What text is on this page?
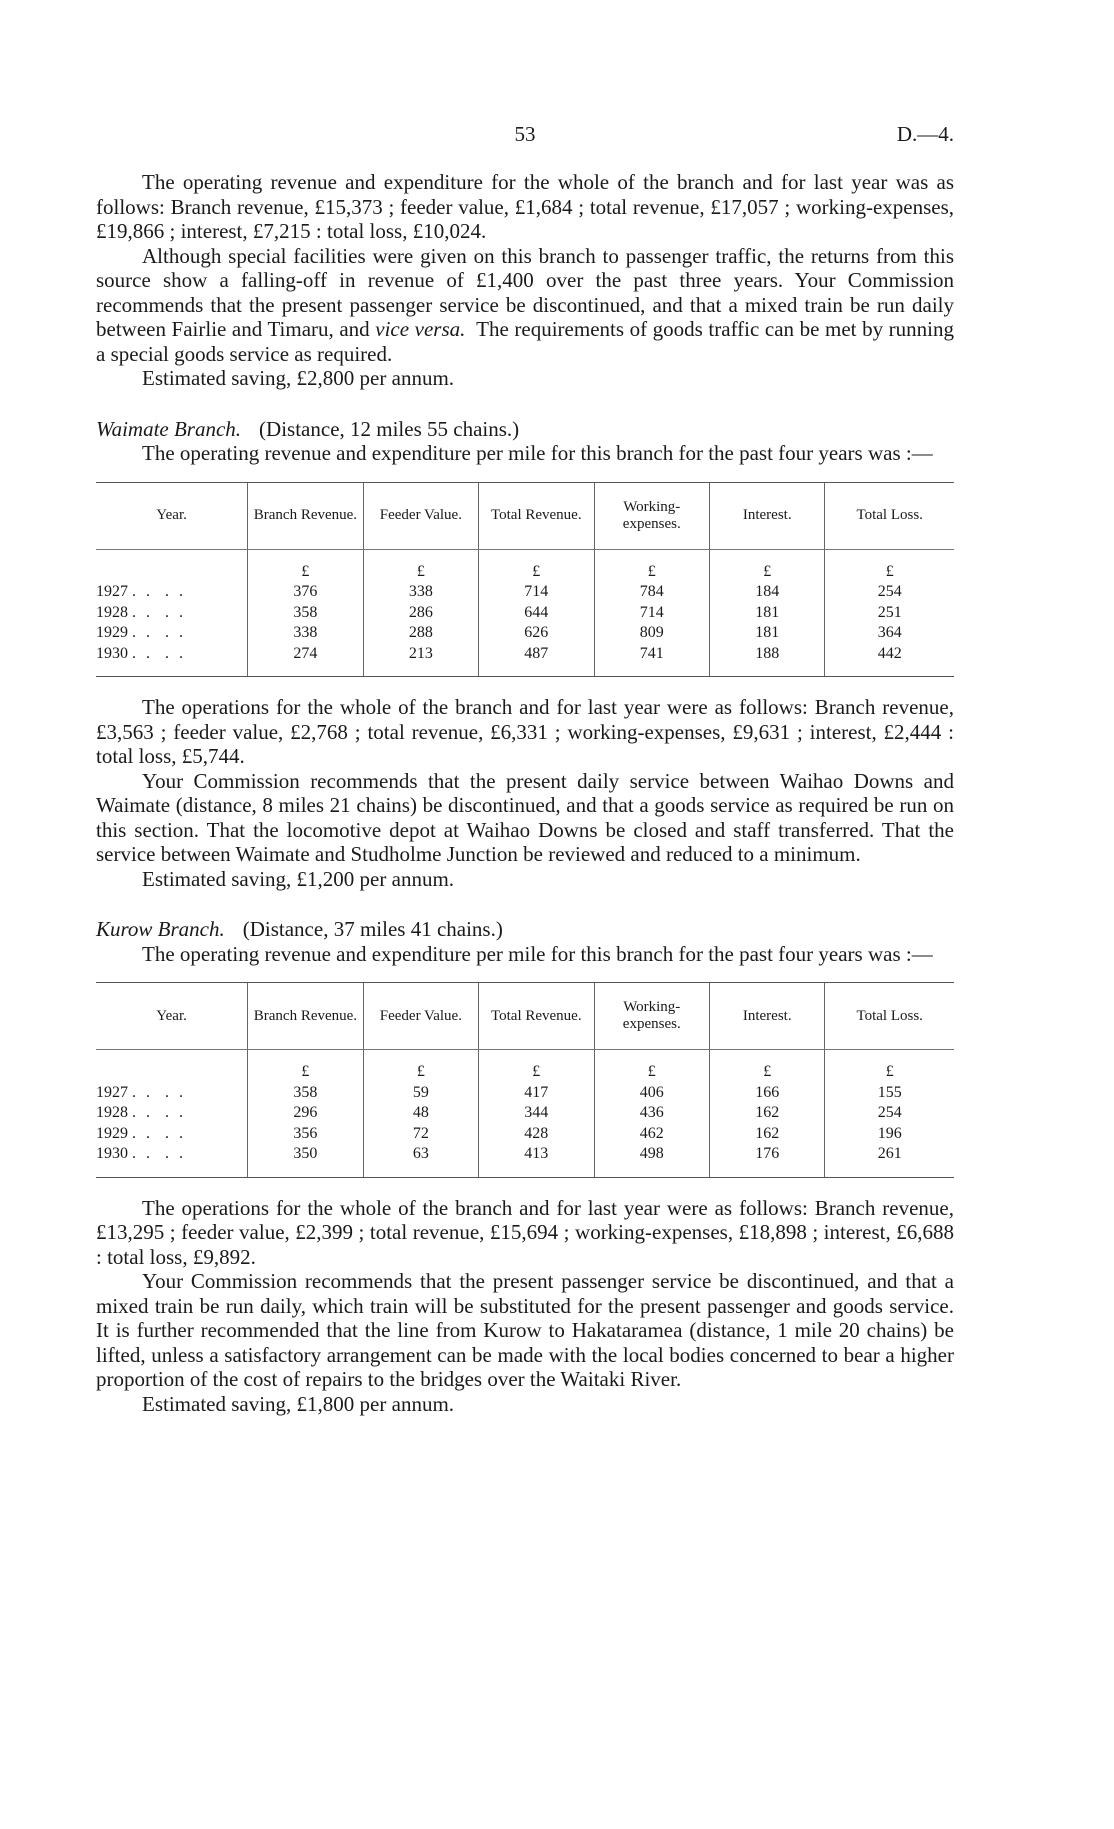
53	D.—4.

The operating revenue and expenditure for the whole of the branch and for last year was as follows: Branch revenue, £15,373 ; feeder value, £1,684 ; total revenue, £17,057 ; working-expenses, £19,866 ; interest, £7,215 : total loss, £10,024.

Although special facilities were given on this branch to passenger traffic, the returns from this source show a falling-off in revenue of £1,400 over the past three years. Your Commission recommends that the present passenger service be discontinued, and that a mixed train be run daily between Fairlie and Timaru, and vice versa. The requirements of goods traffic can be met by running a special goods service as required.

Estimated saving, £2,800 per annum.

Waimate Branch. (Distance, 12 miles 55 chains.)

The operating revenue and expenditure per mile for this branch for the past four years was :—

Year.	Branch Revenue.	Feeder Value.	Total Revenue.	Working-expenses.	Interest.	Total Loss.
	£	£	£	£	£	£
1927 . . . .	376	338	714	784	184	254
1928 . . . .	358	286	644	714	181	251
1929 . . . .	338	288	626	809	181	364
1930 . . . .	274	213	487	741	188	442

The operations for the whole of the branch and for last year were as follows: Branch revenue, £3,563 ; feeder value, £2,768 ; total revenue, £6,331 ; working-expenses, £9,631 ; interest, £2,444 : total loss, £5,744.

Your Commission recommends that the present daily service between Waihao Downs and Waimate (distance, 8 miles 21 chains) be discontinued, and that a goods service as required be run on this section. That the locomotive depot at Waihao Downs be closed and staff transferred. That the service between Waimate and Studholme Junction be reviewed and reduced to a minimum.

Estimated saving, £1,200 per annum.

Kurow Branch. (Distance, 37 miles 41 chains.)

The operating revenue and expenditure per mile for this branch for the past four years was :—

Year.	Branch Revenue.	Feeder Value.	Total Revenue.	Working-expenses.	Interest.	Total Loss.
	£	£	£	£	£	£
1927 . . . .	358	59	417	406	166	155
1928 . . . .	296	48	344	436	162	254
1929 . . . .	356	72	428	462	162	196
1930 . . . .	350	63	413	498	176	261

The operations for the whole of the branch and for last year were as follows: Branch revenue, £13,295 ; feeder value, £2,399 ; total revenue, £15,694 ; working-expenses, £18,898 ; interest, £6,688 : total loss, £9,892.

Your Commission recommends that the present passenger service be discontinued, and that a mixed train be run daily, which train will be substituted for the present passenger and goods service. It is further recommended that the line from Kurow to Hakataramea (distance, 1 mile 20 chains) be lifted, unless a satisfactory arrangement can be made with the local bodies concerned to bear a higher proportion of the cost of repairs to the bridges over the Waitaki River.

Estimated saving, £1,800 per annum.
